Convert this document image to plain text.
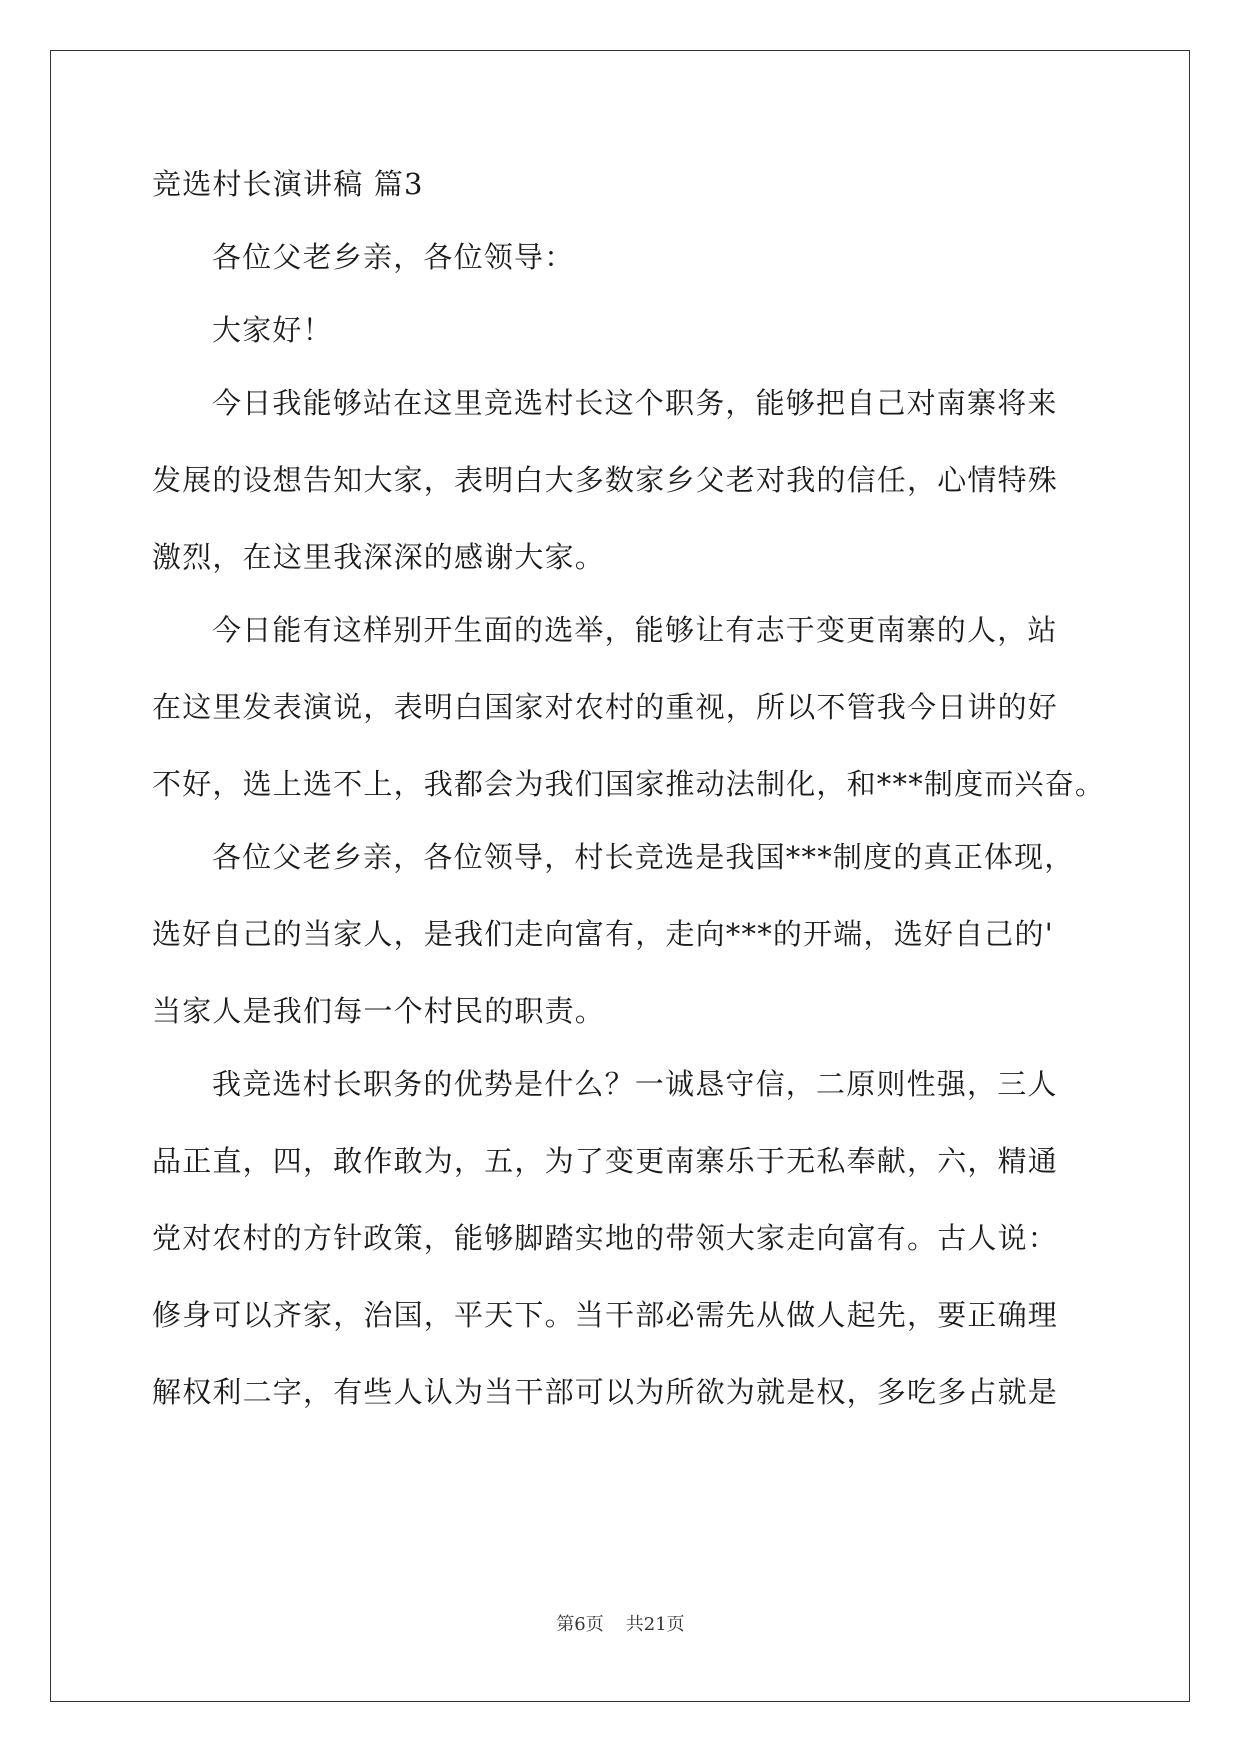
竞选村长演讲稿 篇3
各位父老乡亲，各位领导：
大家好！
今日我能够站在这里竞选村长这个职务，能够把自己对南寨将来
发展的设想告知大家，表明白大多数家乡父老对我的信任，心情特殊
激烈，在这里我深深的感谢大家。
今日能有这样别开生面的选举，能够让有志于变更南寨的人，站
在这里发表演说，表明白国家对农村的重视，所以不管我今日讲的好
不好，选上选不上，我都会为我们国家推动法制化，和***制度而兴奋。
各位父老乡亲，各位领导，村长竞选是我国***制度的真正体现，
选好自己的当家人，是我们走向富有，走向***的开端，选好自己的'
当家人是我们每一个村民的职责。
我竞选村长职务的优势是什么？一诚恳守信，二原则性强，三人
品正直，四，敢作敢为，五，为了变更南寨乐于无私奉献，六，精通
党对农村的方针政策，能够脚踏实地的带领大家走向富有。古人说：
修身可以齐家，治国，平天下。当干部必需先从做人起先，要正确理
解权利二字，有些人认为当干部可以为所欲为就是权，多吃多占就是
第6页 共21页
